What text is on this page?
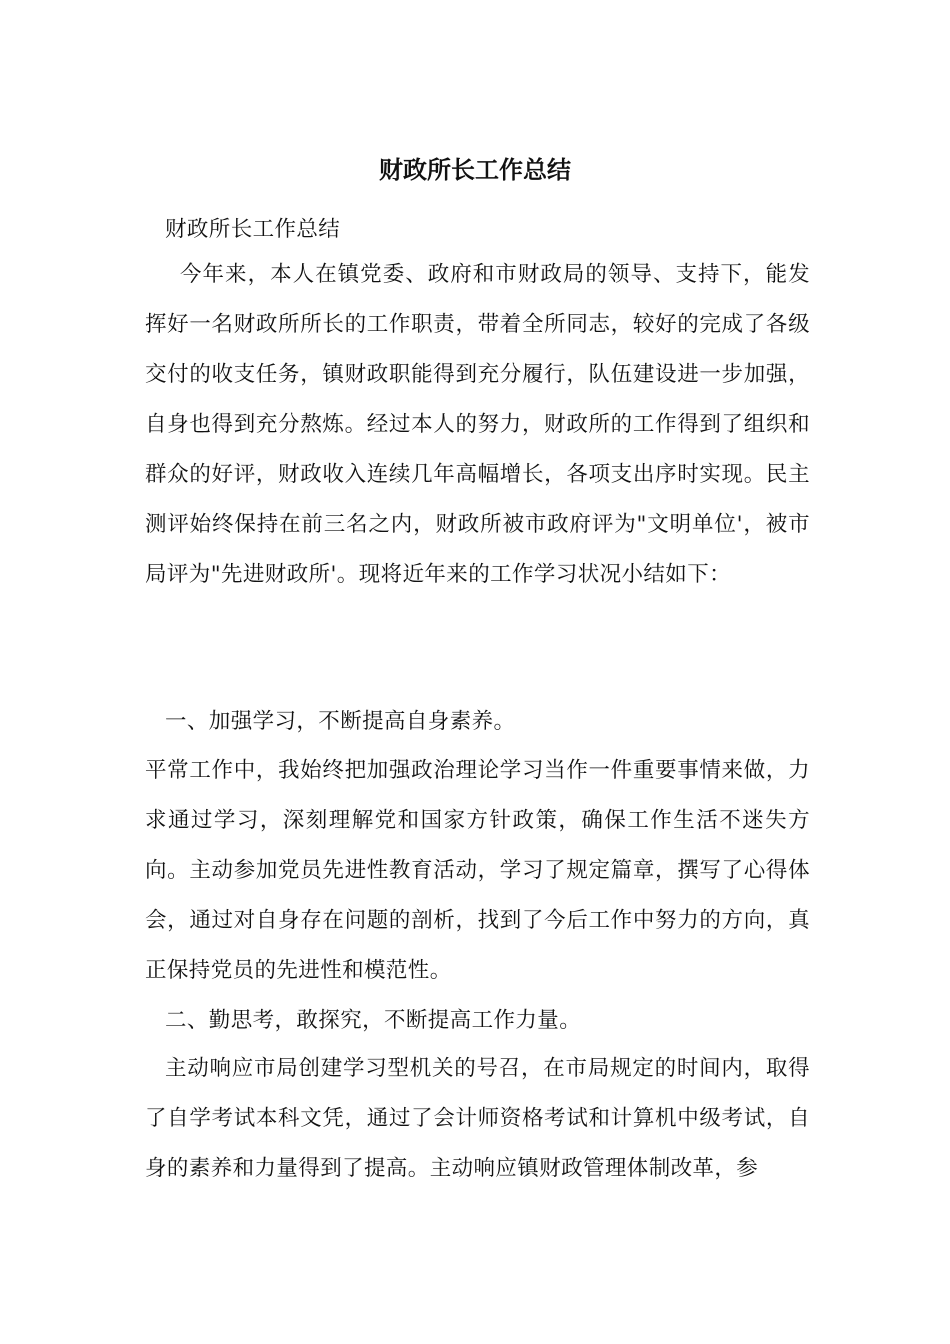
财政所长工作总结

财政所长工作总结

今年来，本人在镇党委、政府和市财政局的领导、支持下，能发挥好一名财政所所长的工作职责，带着全所同志，较好的完成了各级交付的收支任务，镇财政职能得到充分履行，队伍建设进一步加强，自身也得到充分熬炼。经过本人的努力，财政所的工作得到了组织和群众的好评，财政收入连续几年高幅增长，各项支出序时实现。民主测评始终保持在前三名之内，财政所被市政府评为"文明单位'，被市局评为"先进财政所'。现将近年来的工作学习状况小结如下：

一、加强学习，不断提高自身素养。

平常工作中，我始终把加强政治理论学习当作一件重要事情来做，力求通过学习，深刻理解党和国家方针政策，确保工作生活不迷失方向。主动参加党员先进性教育活动，学习了规定篇章，撰写了心得体会，通过对自身存在问题的剖析，找到了今后工作中努力的方向，真正保持党员的先进性和模范性。

二、勤思考，敢探究，不断提高工作力量。

主动响应市局创建学习型机关的号召，在市局规定的时间内，取得了自学考试本科文凭，通过了会计师资格考试和计算机中级考试，自身的素养和力量得到了提高。主动响应镇财政管理体制改革，参
